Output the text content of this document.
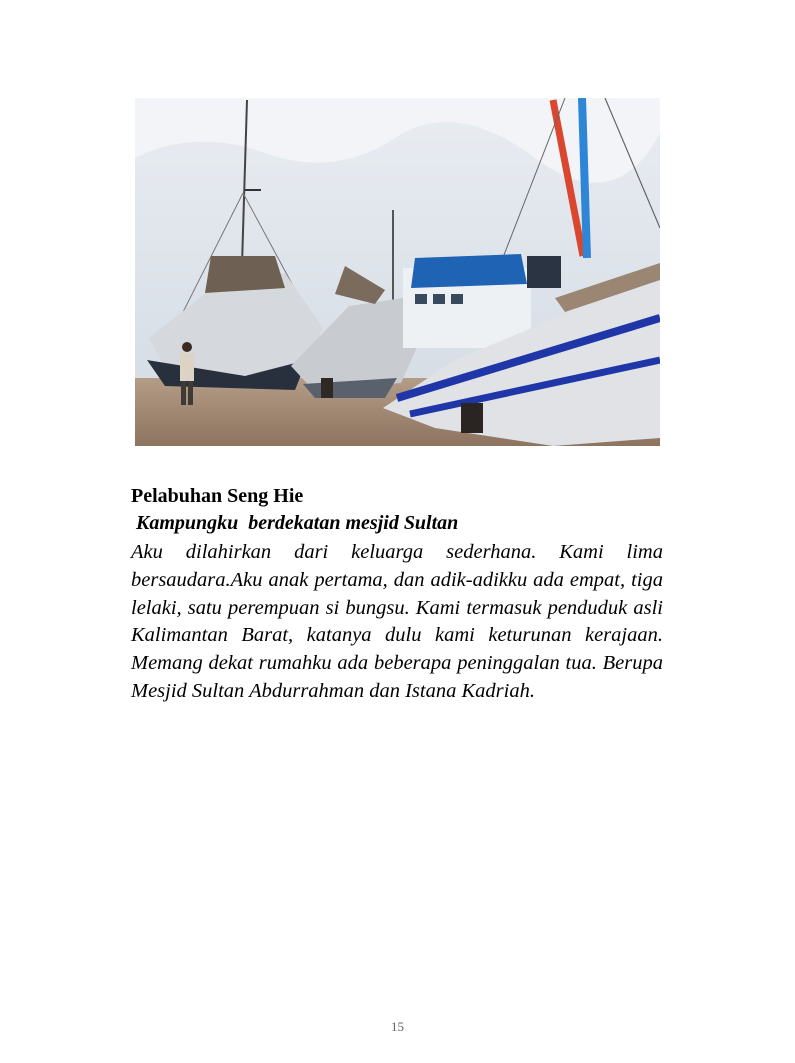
Pelabuhan Seng Hie
Kampungku  berdekatan mesjid Sultan

Aku dilahirkan dari keluarga sederhana. Kami lima bersaudara.Aku anak pertama, dan adik-adikku ada empat, tiga lelaki, satu perempuan si bungsu. Kami termasuk penduduk asli Kalimantan Barat, katanya dulu kami keturunan kerajaan. Memang dekat rumahku ada beberapa peninggalan tua. Berupa Mesjid Sultan Abdurrahman dan Istana Kadriah.

15
